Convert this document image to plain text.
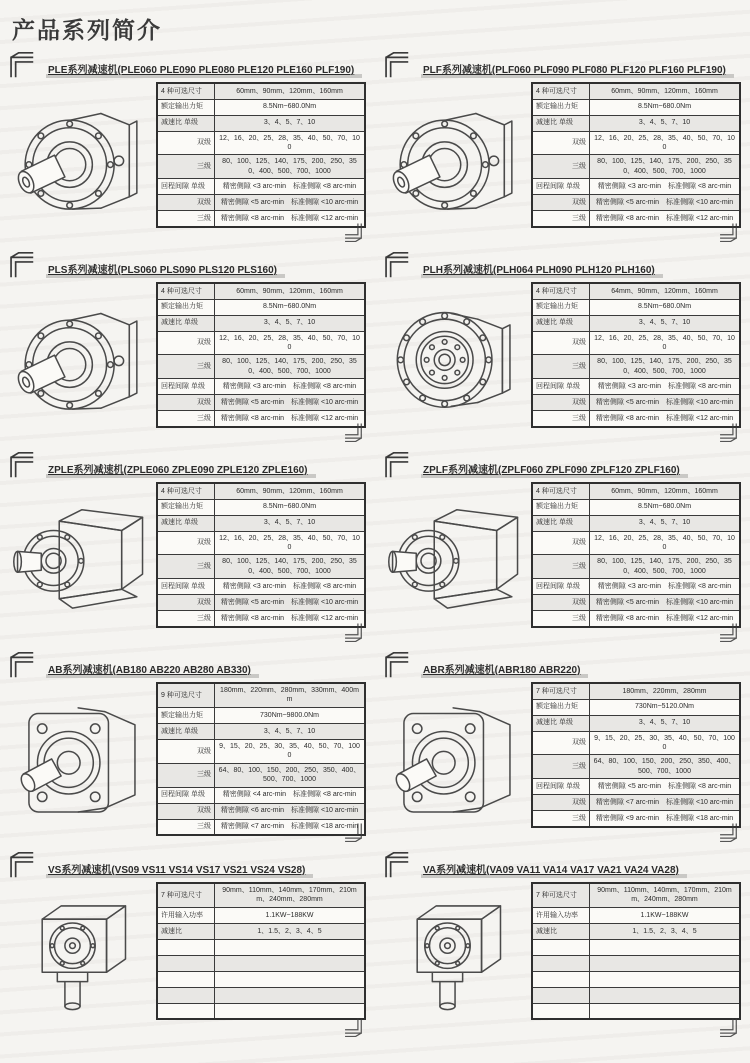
产品系列简介
PLE系列减速机(PLE060 PLE090 PLE080 PLE120 PLE160 PLF190)
4 种可选尺寸	60mm、90mm、120mm、160mm
额定输出力矩	8.5Nm~680.0Nm
减速比 单级	3、4、5、7、10
双级	12、16、20、25、28、35、40、50、70、100
三级	80、100、125、140、175、200、250、350、400、500、700、1000
回程间隙 单级	精密侧隙 <3 arc-min　标准侧隙 <8 arc-min
双级	精密侧隙 <5 arc-min　标准侧隙 <10 arc-min
三级	精密侧隙 <8 arc-min　标准侧隙 <12 arc-min
PLF系列减速机(PLF060 PLF090 PLF080 PLF120 PLF160 PLF190)
4 种可选尺寸	60mm、90mm、120mm、160mm
额定输出力矩	8.5Nm~680.0Nm
减速比 单级	3、4、5、7、10
双级	12、16、20、25、28、35、40、50、70、100
三级	80、100、125、140、175、200、250、350、400、500、700、1000
回程间隙 单级	精密侧隙 <3 arc-min　标准侧隙 <8 arc-min
双级	精密侧隙 <5 arc-min　标准侧隙 <10 arc-min
三级	精密侧隙 <8 arc-min　标准侧隙 <12 arc-min
PLS系列减速机(PLS060 PLS090 PLS120 PLS160)
4 种可选尺寸	60mm、90mm、120mm、160mm
额定输出力矩	8.5Nm~680.0Nm
减速比 单级	3、4、5、7、10
双级	12、16、20、25、28、35、40、50、70、100
三级	80、100、125、140、175、200、250、350、400、500、700、1000
回程间隙 单级	精密侧隙 <3 arc-min　标准侧隙 <8 arc-min
双级	精密侧隙 <5 arc-min　标准侧隙 <10 arc-min
三级	精密侧隙 <8 arc-min　标准侧隙 <12 arc-min
PLH系列减速机(PLH064 PLH090 PLH120 PLH160)
4 种可选尺寸	64mm、90mm、120mm、160mm
额定输出力矩	8.5Nm~680.0Nm
减速比 单级	3、4、5、7、10
双级	12、16、20、25、28、35、40、50、70、100
三级	80、100、125、140、175、200、250、350、400、500、700、1000
回程间隙 单级	精密侧隙 <3 arc-min　标准侧隙 <8 arc-min
双级	精密侧隙 <5 arc-min　标准侧隙 <10 arc-min
三级	精密侧隙 <8 arc-min　标准侧隙 <12 arc-min
ZPLE系列减速机(ZPLE060 ZPLE090 ZPLE120 ZPLE160)
4 种可选尺寸	60mm、90mm、120mm、160mm
额定输出力矩	8.5Nm~680.0Nm
减速比 单级	3、4、5、7、10
双级	12、16、20、25、28、35、40、50、70、100
三级	80、100、125、140、175、200、250、350、400、500、700、1000
回程间隙 单级	精密侧隙 <3 arc-min　标准侧隙 <8 arc-min
双级	精密侧隙 <5 arc-min　标准侧隙 <10 arc-min
三级	精密侧隙 <8 arc-min　标准侧隙 <12 arc-min
ZPLF系列减速机(ZPLF060 ZPLF090 ZPLF120 ZPLF160)
4 种可选尺寸	60mm、90mm、120mm、160mm
额定输出力矩	8.5Nm~680.0Nm
减速比 单级	3、4、5、7、10
双级	12、16、20、25、28、35、40、50、70、100
三级	80、100、125、140、175、200、250、350、400、500、700、1000
回程间隙 单级	精密侧隙 <3 arc-min　标准侧隙 <8 arc-min
双级	精密侧隙 <5 arc-min　标准侧隙 <10 arc-min
三级	精密侧隙 <8 arc-min　标准侧隙 <12 arc-min
AB系列减速机(AB180 AB220 AB280 AB330)
9 种可选尺寸	180mm、220mm、280mm、330mm、400mm
额定输出力矩	730Nm~9800.0Nm
减速比 单级	3、4、5、7、10
双级	9、15、20、25、30、35、40、50、70、1000
三级	64、80、100、150、200、250、350、400、500、700、1000
回程间隙 单级	精密侧隙 <4 arc-min　标准侧隙 <8 arc-min
双级	精密侧隙 <6 arc-min　标准侧隙 <10 arc-min
三级	精密侧隙 <7 arc-min　标准侧隙 <18 arc-min
ABR系列减速机(ABR180 ABR220)
7 种可选尺寸	180mm、220mm、280mm
额定输出力矩	730Nm~5120.0Nm
减速比 单级	3、4、5、7、10
双级	9、15、20、25、30、35、40、50、70、1000
三级	64、80、100、150、200、250、350、400、500、700、1000
回程间隙 单级	精密侧隙 <5 arc-min　标准侧隙 <8 arc-min
双级	精密侧隙 <7 arc-min　标准侧隙 <10 arc-min
三级	精密侧隙 <9 arc-min　标准侧隙 <18 arc-min
VS系列减速机(VS09 VS11 VS14 VS17 VS21 VS24 VS28)
7 种可选尺寸	90mm、110mm、140mm、170mm、210mm、240mm、280mm
许用输入功率	1.1KW~188KW
减速比	1、1.5、2、3、4、5

VA系列减速机(VA09 VA11 VA14 VA17 VA21 VA24 VA28)
7 种可选尺寸	90mm、110mm、140mm、170mm、210mm、240mm、280mm
许用输入功率	1.1KW~188KW
减速比	1、1.5、2、3、4、5
